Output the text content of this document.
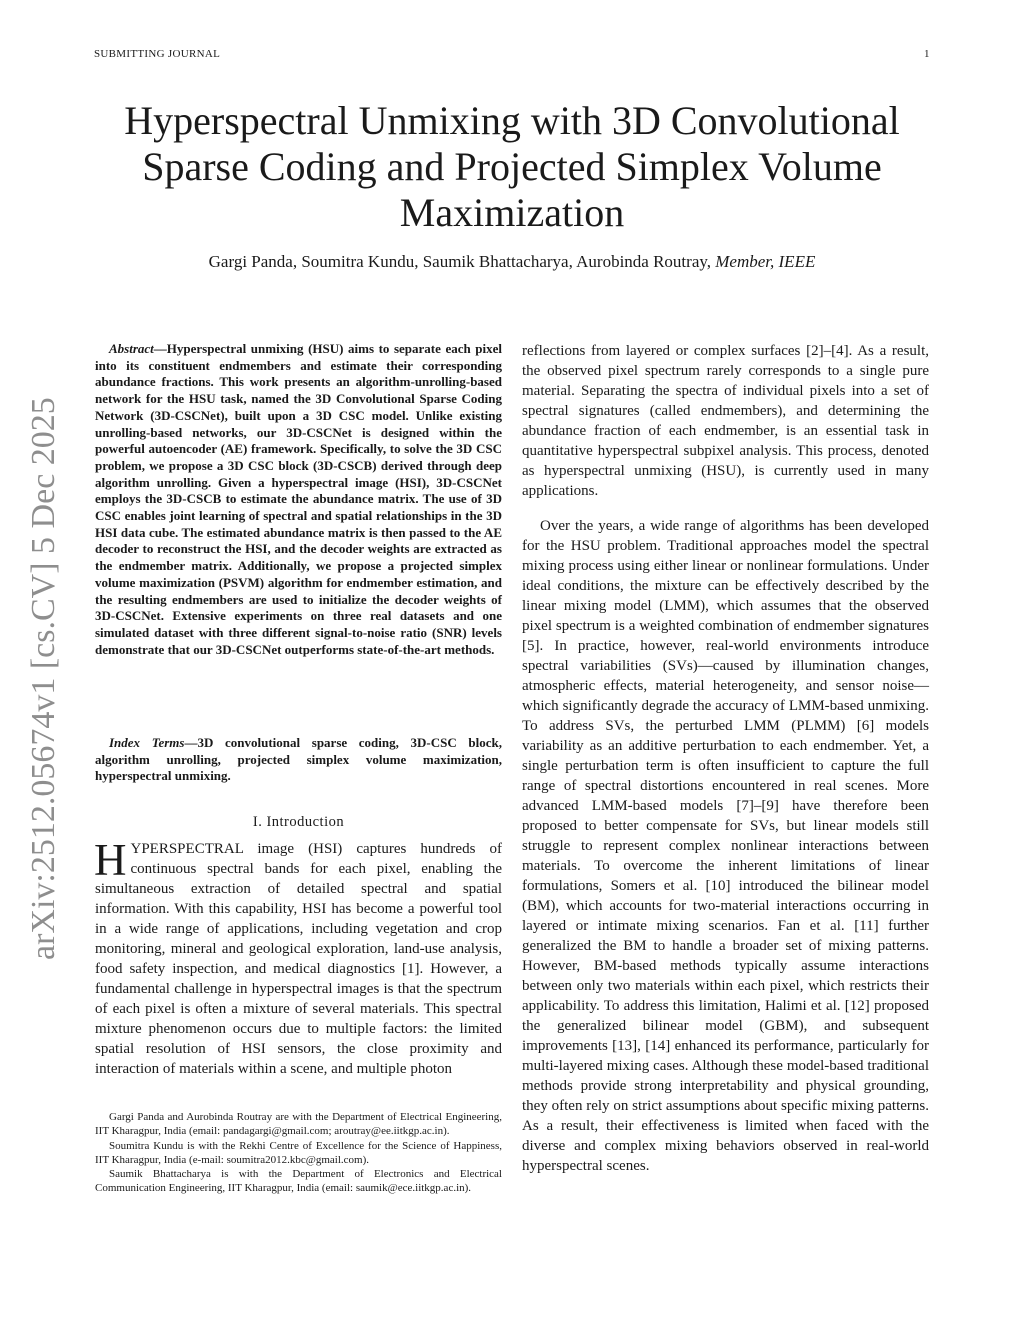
SUBMITTING JOURNAL	1
arXiv:2512.05674v1 [cs.CV] 5 Dec 2025
Hyperspectral Unmixing with 3D Convolutional Sparse Coding and Projected Simplex Volume Maximization
Gargi Panda, Soumitra Kundu, Saumik Bhattacharya, Aurobinda Routray, Member, IEEE
Abstract—Hyperspectral unmixing (HSU) aims to separate each pixel into its constituent endmembers and estimate their corresponding abundance fractions. This work presents an algorithm-unrolling-based network for the HSU task, named the 3D Convolutional Sparse Coding Network (3D-CSCNet), built upon a 3D CSC model. Unlike existing unrolling-based networks, our 3D-CSCNet is designed within the powerful autoencoder (AE) framework. Specifically, to solve the 3D CSC problem, we propose a 3D CSC block (3D-CSCB) derived through deep algorithm unrolling. Given a hyperspectral image (HSI), 3D-CSCNet employs the 3D-CSCB to estimate the abundance matrix. The use of 3D CSC enables joint learning of spectral and spatial relationships in the 3D HSI data cube. The estimated abundance matrix is then passed to the AE decoder to reconstruct the HSI, and the decoder weights are extracted as the endmember matrix. Additionally, we propose a projected simplex volume maximization (PSVM) algorithm for endmember estimation, and the resulting endmembers are used to initialize the decoder weights of 3D-CSCNet. Extensive experiments on three real datasets and one simulated dataset with three different signal-to-noise ratio (SNR) levels demonstrate that our 3D-CSCNet outperforms state-of-the-art methods.
Index Terms—3D convolutional sparse coding, 3D-CSC block, algorithm unrolling, projected simplex volume maximization, hyperspectral unmixing.
I. Introduction
HYPERSPECTRAL image (HSI) captures hundreds of continuous spectral bands for each pixel, enabling the simultaneous extraction of detailed spectral and spatial information. With this capability, HSI has become a powerful tool in a wide range of applications, including vegetation and crop monitoring, mineral and geological exploration, land-use analysis, food safety inspection, and medical diagnostics [1]. However, a fundamental challenge in hyperspectral images is that the spectrum of each pixel is often a mixture of several materials. This spectral mixture phenomenon occurs due to multiple factors: the limited spatial resolution of HSI sensors, the close proximity and interaction of materials within a scene, and multiple photon

Gargi Panda and Aurobinda Routray are with the Department of Electrical Engineering, IIT Kharagpur, India (email: pandagargi@gmail.com; aroutray@ee.iitkgp.ac.in).

Soumitra Kundu is with the Rekhi Centre of Excellence for the Science of Happiness, IIT Kharagpur, India (e-mail: soumitra2012.kbc@gmail.com).

Saumik Bhattacharya is with the Department of Electronics and Electrical Communication Engineering, IIT Kharagpur, India (email: saumik@ece.iitkgp.ac.in).

reflections from layered or complex surfaces [2]–[4]. As a result, the observed pixel spectrum rarely corresponds to a single pure material. Separating the spectra of individual pixels into a set of spectral signatures (called endmembers), and determining the abundance fraction of each endmember, is an essential task in quantitative hyperspectral subpixel analysis. This process, denoted as hyperspectral unmixing (HSU), is currently used in many applications.
Over the years, a wide range of algorithms has been developed for the HSU problem. Traditional approaches model the spectral mixing process using either linear or nonlinear formulations. Under ideal conditions, the mixture can be effectively described by the linear mixing model (LMM), which assumes that the observed pixel spectrum is a weighted combination of endmember signatures [5]. In practice, however, real-world environments introduce spectral variabilities (SVs)—caused by illumination changes, atmospheric effects, material heterogeneity, and sensor noise—which significantly degrade the accuracy of LMM-based unmixing. To address SVs, the perturbed LMM (PLMM) [6] models variability as an additive perturbation to each endmember. Yet, a single perturbation term is often insufficient to capture the full range of spectral distortions encountered in real scenes. More advanced LMM-based models [7]–[9] have therefore been proposed to better compensate for SVs, but linear models still struggle to represent complex nonlinear interactions between materials. To overcome the inherent limitations of linear formulations, Somers et al. [10] introduced the bilinear model (BM), which accounts for two-material interactions occurring in layered or intimate mixing scenarios. Fan et al. [11] further generalized the BM to handle a broader set of mixing patterns. However, BM-based methods typically assume interactions between only two materials within each pixel, which restricts their applicability. To address this limitation, Halimi et al. [12] proposed the generalized bilinear model (GBM), and subsequent improvements [13], [14] enhanced its performance, particularly for multi-layered mixing cases. Although these model-based traditional methods provide strong interpretability and physical grounding, they often rely on strict assumptions about specific mixing patterns. As a result, their effectiveness is limited when faced with the diverse and complex mixing behaviors observed in real-world hyperspectral scenes.
